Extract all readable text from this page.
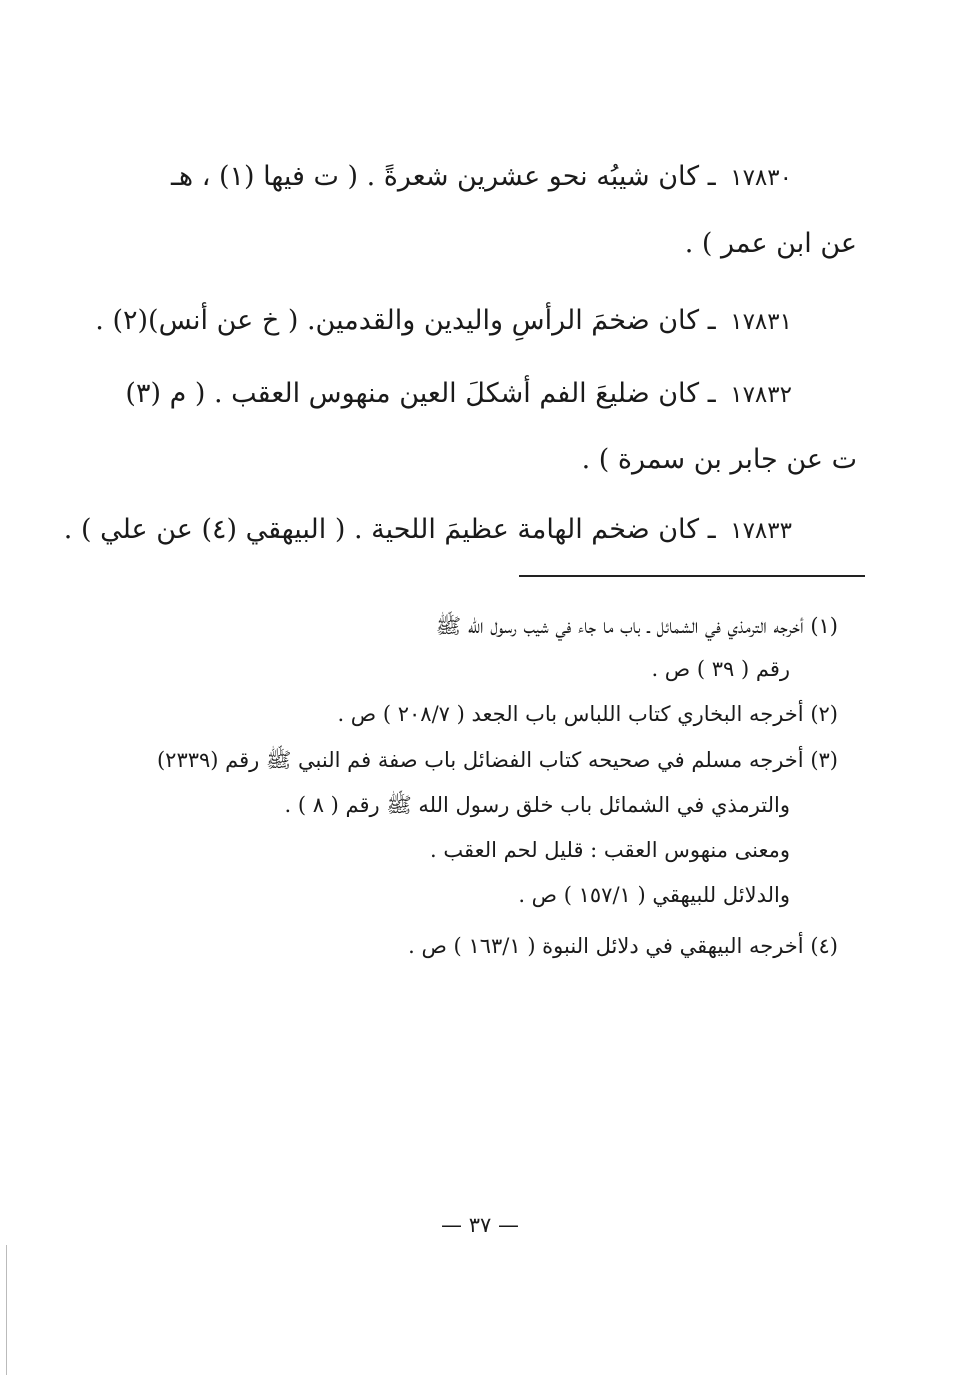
١٧٨٣٠ ـ كان شيبُه نحو عشرين شعرةً . ( ت فيها (١) ، هـ
عن ابن عمر ) .
١٧٨٣١ ـ كان ضخمَ الرأسِ واليدين والقدمين. ( خ عن أنس)(٢) .
١٧٨٣٢ ـ كان ضليعَ الفم أشكلَ العين منهوس العقب . ( م (٣)
ت عن جابر بن سمرة ) .
١٧٨٣٣ ـ كان ضخم الهامة عظيمَ اللحية . ( البيهقي (٤) عن علي ) .
(١) أخرجه الترمذي في الشمائل ـ باب ما جاء في شيب رسول الله ﷺ
رقم ( ٣٩ ) ص .
(٢) أخرجه البخاري كتاب اللباس باب الجعد ( ٢٠٨/٧ ) ص .
(٣) أخرجه مسلم في صحيحه كتاب الفضائل باب صفة فم النبي ﷺ رقم (٢٣٣٩)
والترمذي في الشمائل باب خلق رسول الله ﷺ رقم ( ٨ ) .
ومعنى منهوس العقب : قليل لحم العقب .
والدلائل للبيهقي ( ١٥٧/١ ) ص .
(٤) أخرجه البيهقي في دلائل النبوة ( ١٦٣/١ ) ص .
— ٣٧ —
